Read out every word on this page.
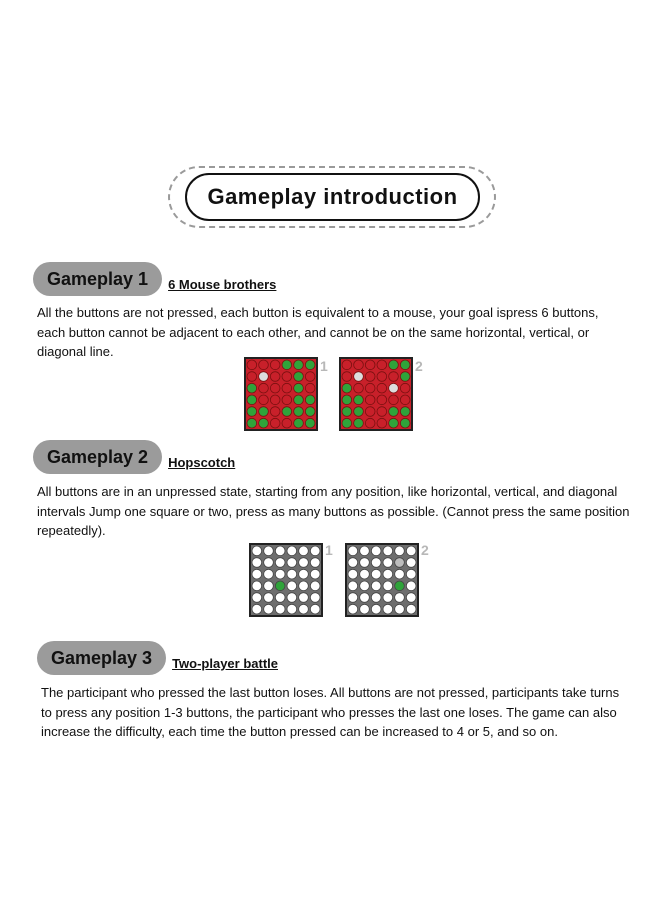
Gameplay introduction
Gameplay 1	6 Mouse brothers
All the buttons are not pressed, each button is equivalent to a mouse, your goal ispress 6 buttons, each button cannot be adjacent to each other, and cannot be on the same horizontal, vertical, or diagonal line.
1	2
Gameplay 2	Hopscotch
All buttons are in an unpressed state, starting from any position, like horizontal, vertical, and diagonal intervals Jump one square or two, press as many buttons as possible. (Cannot press the same position repeatedly).
1	2
Gameplay 3	Two-player battle
The participant who pressed the last button loses. All buttons are not pressed, participants take turns to press any position 1-3 buttons, the participant who presses the last one loses. The game can also increase the difficulty, each time the button pressed can be increased to 4 or 5, and so on.
